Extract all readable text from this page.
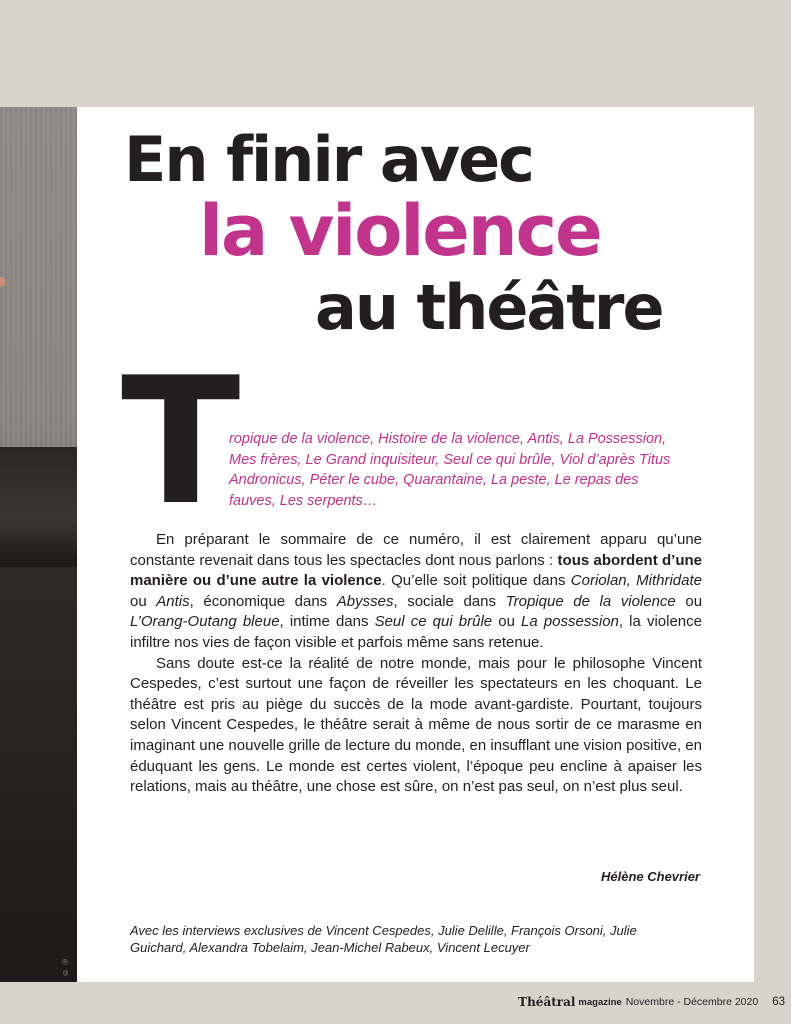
© ◎
En finir avec
la violence
au théâtre
T
ropique de la violence, Histoire de la violence, Antis, La Possession, Mes frères, Le Grand inquisiteur, Seul ce qui brûle, Viol d’après Titus Andronicus, Péter le cube, Quarantaine, La peste, Le repas des fauves, Les serpents…

En préparant le sommaire de ce numéro, il est clairement apparu qu’une constante revenait dans tous les spectacles dont nous parlons : tous abordent d’une manière ou d’une autre la violence. Qu’elle soit politique dans Coriolan, Mithridate ou Antis, économique dans Abysses, sociale dans Tropique de la violence ou L’Orang-Outang bleue, intime dans Seul ce qui brûle ou La possession, la violence infiltre nos vies de façon visible et parfois même sans retenue.

Sans doute est-ce la réalité de notre monde, mais pour le philosophe Vincent Cespedes, c’est surtout une façon de réveiller les spectateurs en les choquant. Le théâtre est pris au piège du succès de la mode avant-gardiste. Pourtant, toujours selon Vincent Cespedes, le théâtre serait à même de nous sortir de ce marasme en imaginant une nouvelle grille de lecture du monde, en insufflant une vision positive, en éduquant les gens. Le monde est certes violent, l’époque peu encline à apaiser les relations, mais au théâtre, une chose est sûre, on n’est pas seul, on n’est plus seul.

Hélène Chevrier
Avec les interviews exclusives de Vincent Cespedes, Julie Delille, François Orsoni, Julie Guichard, Alexandra Tobelaim, Jean-Michel Rabeux, Vincent Lecuyer
Théâtral magazine Novembre - Décembre 2020 63
